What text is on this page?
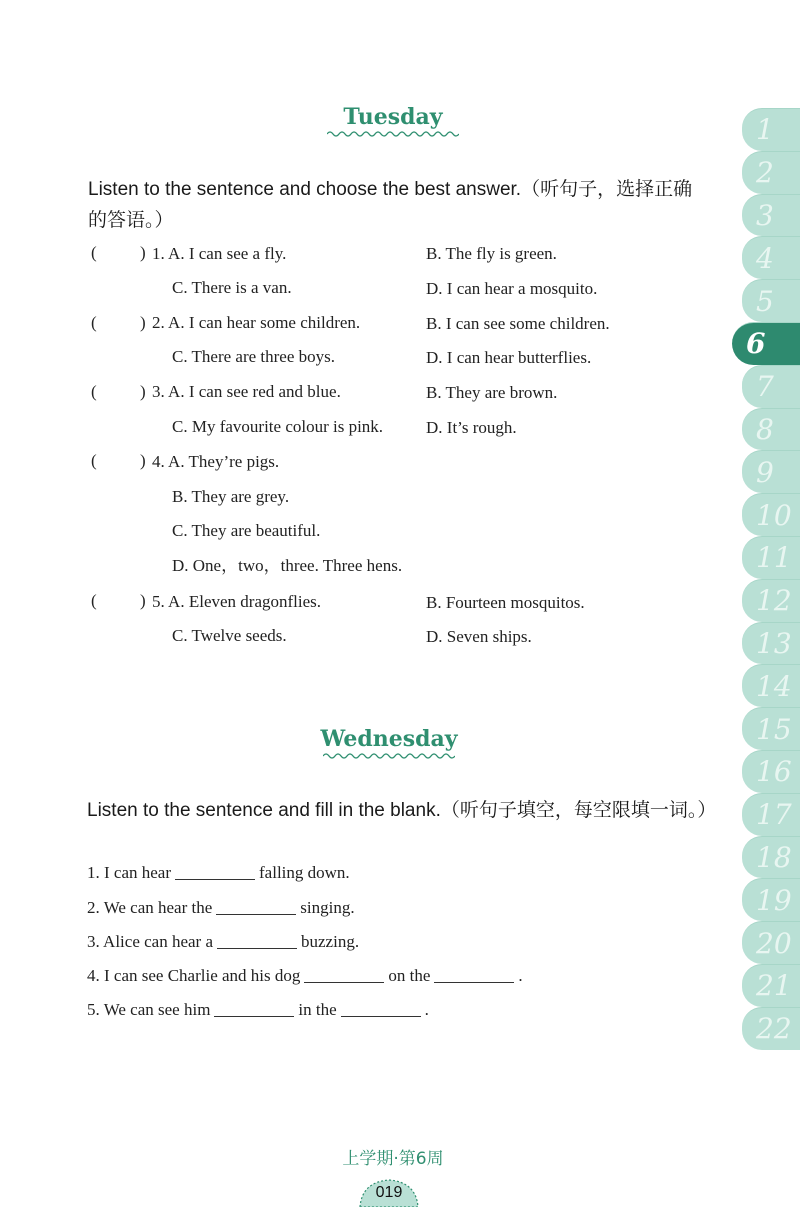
1
2
3
4
5
6
7
8
9
10
11
12
13
14
15
16
17
18
19
20
21
22
Tuesday
Listen to the sentence and choose the best answer.（听句子，选择正确的答语。）
(	) 1. A. I can see a fly.	B. The fly is green.
C. There is a van.	D. I can hear a mosquito.
(	) 2. A. I can hear some children.	B. I can see some children.
C. There are three boys.	D. I can hear butterflies.
(	) 3. A. I can see red and blue.	B. They are brown.
C. My favourite colour is pink.	D. It’s rough.
(	) 4. A. They’re pigs.
B. They are grey.
C. They are beautiful.
D. One，two，three. Three hens.
(	) 5. A. Eleven dragonflies.	B. Fourteen mosquitos.
C. Twelve seeds.	D. Seven ships.
Wednesday
Listen to the sentence and fill in the blank.（听句子填空，每空限填一词。）
1. I can hear	falling down.
2. We can hear the	singing.
3. Alice can hear a	buzzing.
4. I can see Charlie and his dog	on the	.
5. We can see him	in the	.
上学期·第6周
019
